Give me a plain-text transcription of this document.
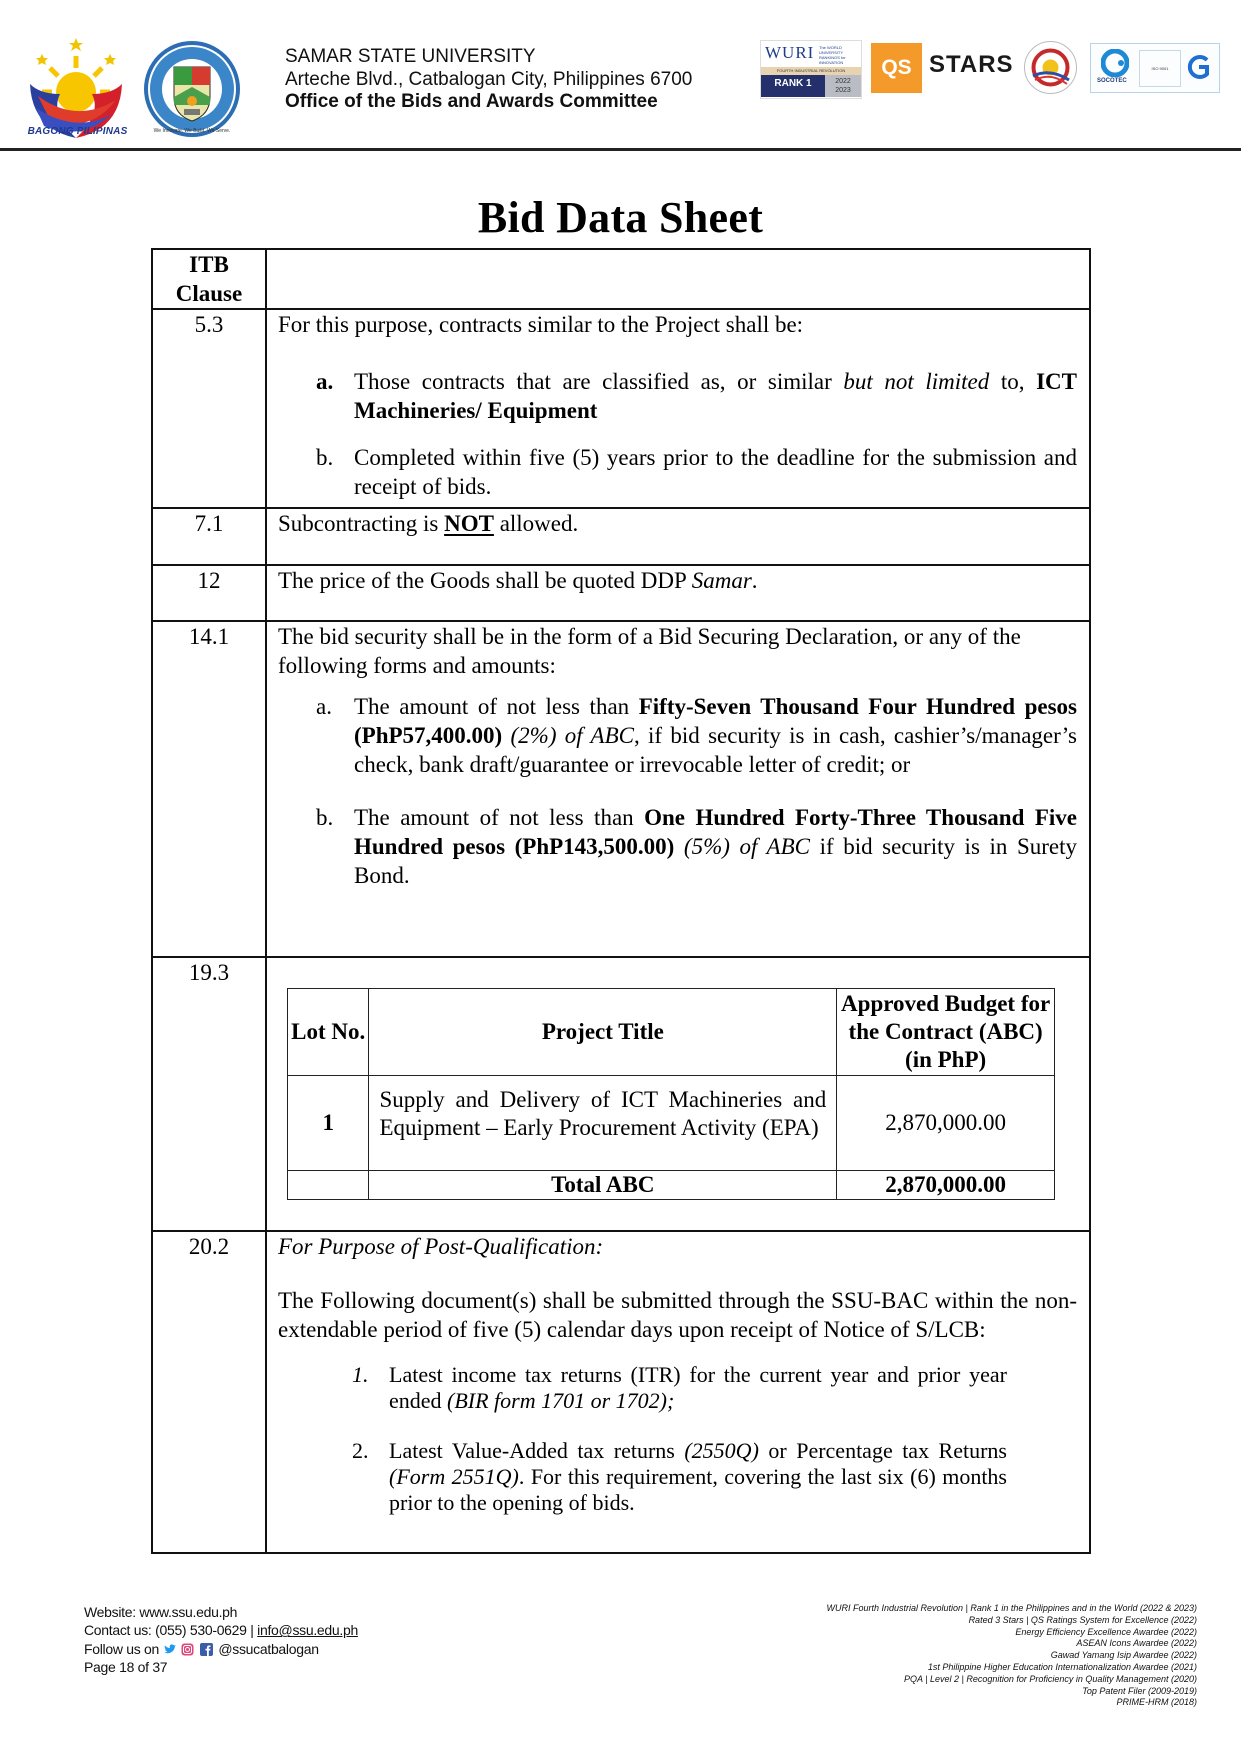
BAGONG PILIPINAS	We Innovate. We Build. We Serve.
SAMAR STATE UNIVERSITY
Arteche Blvd., Catbalogan City, Philippines 6700
Office of the Bids and Awards Committee
WURI The WORLD UNIVERSITY RANKINGS for INNOVATION
FOURTH INDUSTRIAL REVOLUTION
RANK 1	2022
2023
QS STARS
SOCOTEC
ISO 9001
Bid Data Sheet
ITB
Clause

5.3	For this purpose, contracts similar to the Project shall be:

a. Those contracts that are classified as, or similar but not limited to, ICT Machineries/ Equipment
b. Completed within five (5) years prior to the deadline for the submission and receipt of bids.

7.1	Subcontracting is NOT allowed.
12	The price of the Goods shall be quoted DDP Samar.
14.1	The bid security shall be in the form of a Bid Securing Declaration, or any of the following forms and amounts:

a. The amount of not less than Fifty-Seven Thousand Four Hundred pesos (PhP57,400.00) (2%) of ABC, if bid security is in cash, cashier’s/manager’s check, bank draft/guarantee or irrevocable letter of credit; or
b. The amount of not less than One Hundred Forty-Three Thousand Five Hundred pesos (PhP143,500.00) (5%) of ABC if bid security is in Surety Bond.

19.3	
Lot No.	Project Title	Approved Budget for the Contract (ABC) (in PhP)
1	Supply and Delivery of ICT Machineries and Equipment – Early Procurement Activity (EPA)	2,870,000.00
	Total ABC	2,870,000.00

20.2	For Purpose of Post-Qualification:

The Following document(s) shall be submitted through the SSU-BAC within the non-extendable period of five (5) calendar days upon receipt of Notice of S/LCB:

1. Latest income tax returns (ITR) for the current year and prior year ended (BIR form 1701 or 1702);
2. Latest Value-Added tax returns (2550Q) or Percentage tax Returns (Form 2551Q). For this requirement, covering the last six (6) months prior to the opening of bids.
Website: www.ssu.edu.ph
Contact us: (055) 530-0629 | info@ssu.edu.ph
Follow us on	@ssucatbalogan
Page 18 of 37
WURI Fourth Industrial Revolution | Rank 1 in the Philippines and in the World (2022 & 2023)
Rated 3 Stars | QS Ratings System for Excellence (2022)
Energy Efficiency Excellence Awardee (2022)
ASEAN Icons Awardee (2022)
Gawad Yamang Isip Awardee (2022)
1st Philippine Higher Education Internationalization Awardee (2021)
PQA | Level 2 | Recognition for Proficiency in Quality Management (2020)
Top Patent Filer (2009-2019)
PRIME-HRM (2018)
